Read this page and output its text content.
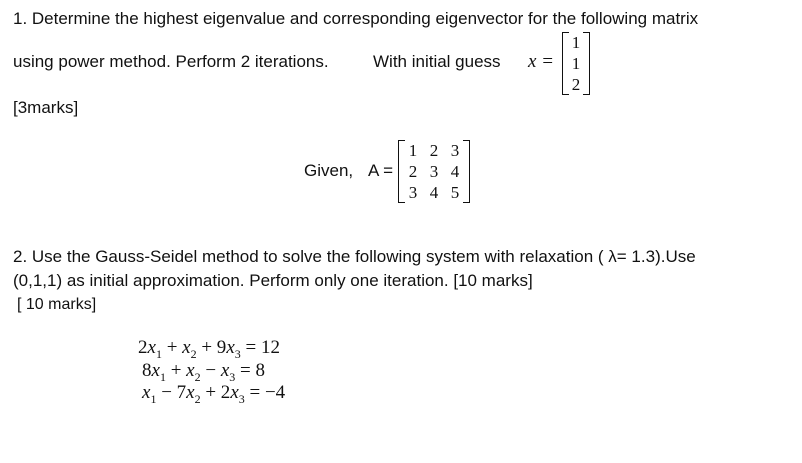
1. Determine the highest eigenvalue and corresponding eigenvector for the following matrix
using power method. Perform 2 iterations.	With initial guess x =
1
1
2
[3marks]
Given, A =
1 2 3
2 3 4
3 4 5
2. Use the Gauss-Seidel method to solve the following system with relaxation ( λ= 1.3).Use
(0,1,1) as initial approximation. Perform only one iteration. [10 marks]
[ 10 marks]
$2x_1 + x_2 + 9x_3 = 12$
$8x_1 + x_2 - x_3 = 8$
$x_1 - 7x_2 + 2x_3 = -4$
